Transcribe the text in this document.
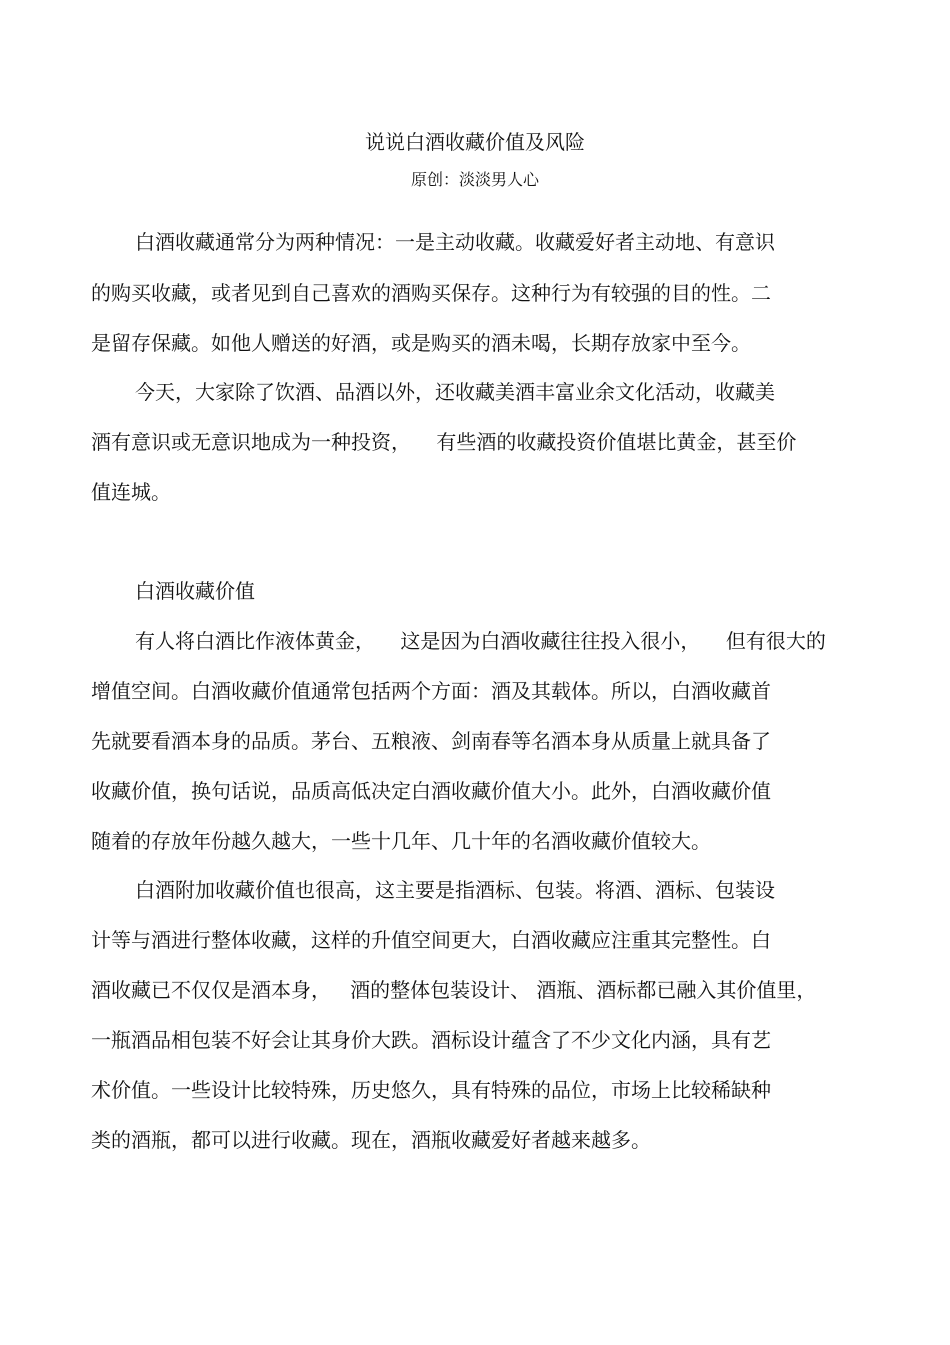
说说白酒收藏价值及风险
原创：淡淡男人心
白酒收藏通常分为两种情况：一是主动收藏。收藏爱好者主动地、有意识
的购买收藏，或者见到自己喜欢的酒购买保存。这种行为有较强的目的性。二
是留存保藏。如他人赠送的好酒，或是购买的酒未喝，长期存放家中至今。
今天，大家除了饮酒、品酒以外，还收藏美酒丰富业余文化活动，收藏美
酒有意识或无意识地成为一种投资，    有些酒的收藏投资价值堪比黄金，甚至价
值连城。
白酒收藏价值
有人将白酒比作液体黄金，    这是因为白酒收藏往往投入很小，    但有很大的
增值空间。白酒收藏价值通常包括两个方面：酒及其载体。所以，白酒收藏首
先就要看酒本身的品质。茅台、五粮液、剑南春等名酒本身从质量上就具备了
收藏价值，换句话说，品质高低决定白酒收藏价值大小。此外，白酒收藏价值
随着的存放年份越久越大，一些十几年、几十年的名酒收藏价值较大。
白酒附加收藏价值也很高，这主要是指酒标、包装。将酒、酒标、包装设
计等与酒进行整体收藏，这样的升值空间更大，白酒收藏应注重其完整性。白
酒收藏已不仅仅是酒本身，   酒的整体包装设计、 酒瓶、酒标都已融入其价值里，
一瓶酒品相包装不好会让其身价大跌。酒标设计蕴含了不少文化内涵，具有艺
术价值。一些设计比较特殊，历史悠久，具有特殊的品位，市场上比较稀缺种
类的酒瓶，都可以进行收藏。现在，酒瓶收藏爱好者越来越多。
